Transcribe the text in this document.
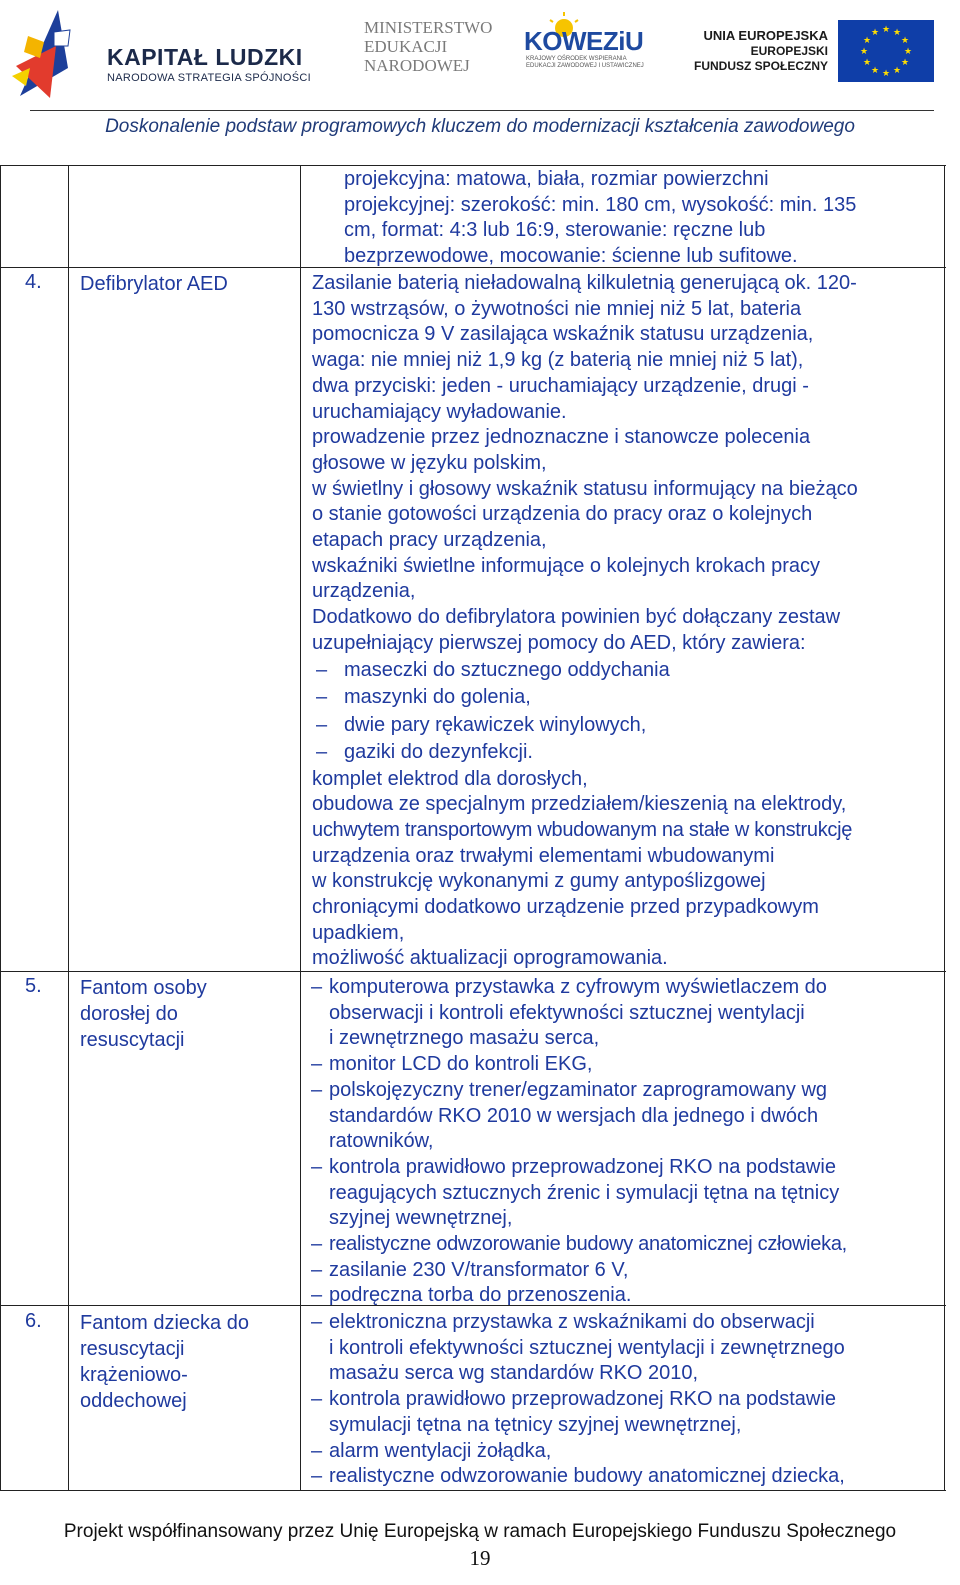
KAPITAŁ LUDZKI
NARODOWA STRATEGIA SPÓJNOŚCI
MINISTERSTWO
EDUKACJI
NARODOWEJ
KOWEZiU
KRAJOWY OŚRODEK WSPIERANIA EDUKACJI ZAWODOWEJ I USTAWICZNEJ
UNIA EUROPEJSKA
EUROPEJSKI
FUNDUSZ SPOŁECZNY
★ ★
★
★
★
★
★
★
★
★
★
★
Doskonalenie podstaw programowych kluczem do modernizacji kształcenia zawodowego

projekcyjna: matowa, biała, rozmiar powierzchni

projekcyjnej: szerokość: min. 180 cm, wysokość: min. 135

cm, format: 4:3 lub 16:9, sterowanie: ręczne lub

bezprzewodowe, mocowanie: ścienne lub sufitowe.

4. Defibrylator AED	Zasilanie baterią nieładowalną kilkuletnią generującą ok. 120-

130 wstrząsów, o żywotności nie mniej niż 5 lat, bateria

pomocnicza 9 V zasilająca wskaźnik statusu urządzenia,

waga: nie mniej niż 1,9 kg (z baterią nie mniej niż 5 lat),

dwa przyciski: jeden - uruchamiający urządzenie, drugi -

uruchamiający wyładowanie.

prowadzenie przez jednoznaczne i stanowcze polecenia

głosowe w języku polskim,

w świetlny i głosowy wskaźnik statusu informujący na bieżąco

o stanie gotowości urządzenia do pracy oraz o kolejnych

etapach pracy urządzenia,

wskaźniki świetlne informujące o kolejnych krokach pracy

urządzenia,

Dodatkowo do defibrylatora powinien być dołączany zestaw

uzupełniający pierwszej pomocy do AED, który zawiera:

– maseczki do sztucznego oddychania

– maszynki do golenia,

– dwie pary rękawiczek winylowych,

– gaziki do dezynfekcji.

komplet elektrod dla dorosłych,

obudowa ze specjalnym przedziałem/kieszenią na elektrody,

uchwytem transportowym wbudowanym na stałe w konstrukcję

urządzenia oraz trwałymi elementami wbudowanymi

w konstrukcję wykonanymi z gumy antypoślizgowej

chroniącymi dodatkowo urządzenie przed przypadkowym

upadkiem,

możliwość aktualizacji oprogramowania.

5. Fantom osoby
dorosłej do
resuscytacji
– komputerowa przystawka z cyfrowym wyświetlaczem do

obserwacji i kontroli efektywności sztucznej wentylacji

i zewnętrznego masażu serca,

– monitor LCD do kontroli EKG,

– polskojęzyczny trener/egzaminator zaprogramowany wg

standardów RKO 2010 w wersjach dla jednego i dwóch

ratowników,

– kontrola prawidłowo przeprowadzonej RKO na podstawie

reagujących sztucznych źrenic i symulacji tętna na tętnicy

szyjnej wewnętrznej,

– realistyczne odwzorowanie budowy anatomicznej człowieka,

– zasilanie 230 V/transformator 6 V,

– podręczna torba do przenoszenia.

6. Fantom dziecka do
resuscytacji
krążeniowo-
oddechowej
– elektroniczna przystawka z wskaźnikami do obserwacji

i kontroli efektywności sztucznej wentylacji i zewnętrznego

masażu serca wg standardów RKO 2010,

– kontrola prawidłowo przeprowadzonej RKO na podstawie

symulacji tętna na tętnicy szyjnej wewnętrznej,

– alarm wentylacji żołądka,

– realistyczne odwzorowanie budowy anatomicznej dziecka,

Projekt współfinansowany przez Unię Europejską w ramach Europejskiego Funduszu Społecznego
19
